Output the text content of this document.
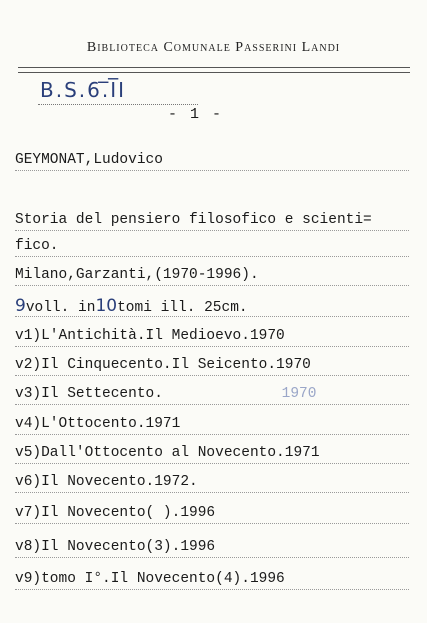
Biblioteca Comunale Passerini Landi
B.S.6.̅I̅I
- 1 -
GEYMONAT,Ludovico
Storia del pensiero filosofico e scienti=
fico.
Milano,Garzanti,(1970-1996).
9voll. in10tomi ill. 25cm.
v1)L'Antichità.Il Medioevo.1970
v2)Il Cinquecento.Il Seicento.1970
v3)Il Settecento.	1970
v4)L'Ottocento.1971
v5)Dall'Ottocento al Novecento.1971
v6)Il Novecento.1972.
v7)Il Novecento( ).1996
v8)Il Novecento(3).1996
v9)tomo I°.Il Novecento(4).1996
